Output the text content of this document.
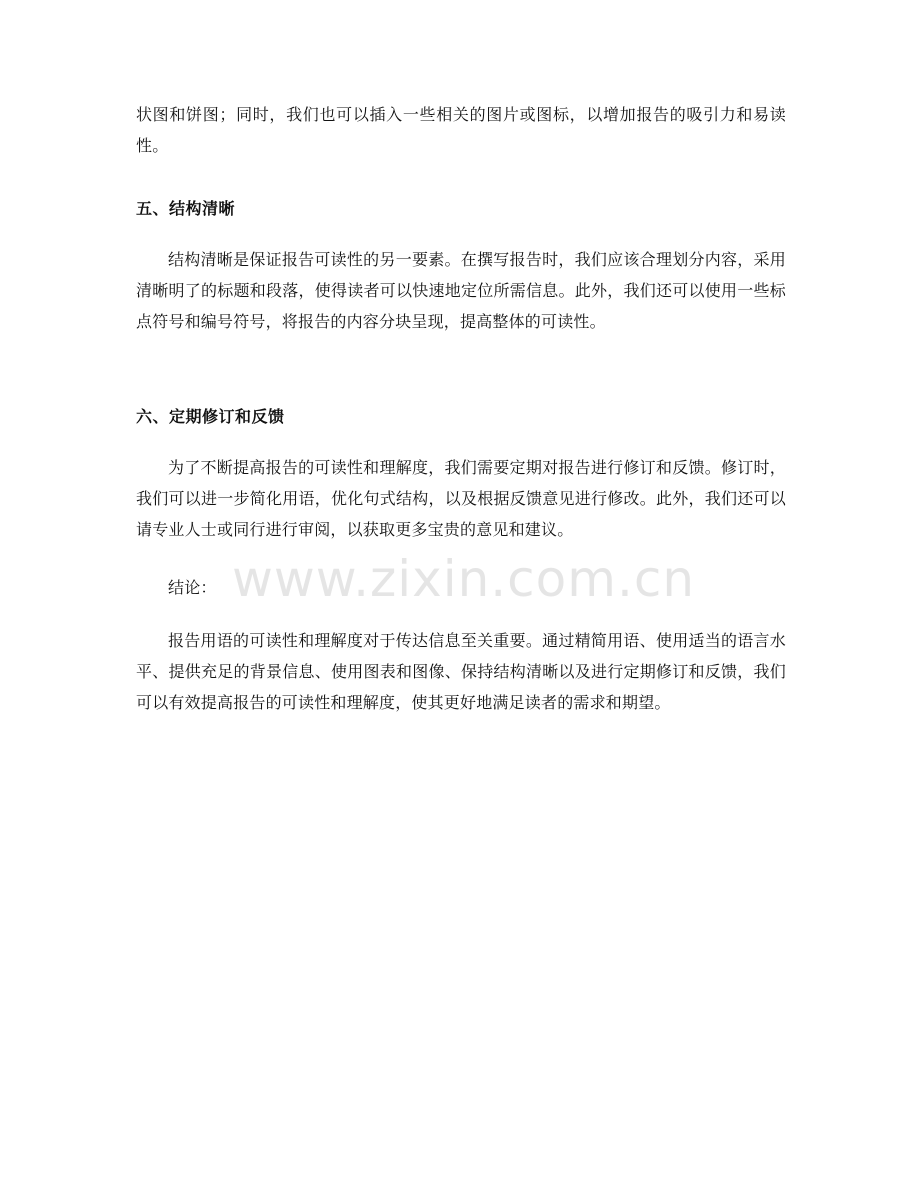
状图和饼图；同时，我们也可以插入一些相关的图片或图标，以增加报告的吸引力和易读性。

五、结构清晰

结构清晰是保证报告可读性的另一要素。在撰写报告时，我们应该合理划分内容，采用清晰明了的标题和段落，使得读者可以快速地定位所需信息。此外，我们还可以使用一些标点符号和编号符号，将报告的内容分块呈现，提高整体的可读性。

六、定期修订和反馈

为了不断提高报告的可读性和理解度，我们需要定期对报告进行修订和反馈。修订时，我们可以进一步简化用语，优化句式结构，以及根据反馈意见进行修改。此外，我们还可以请专业人士或同行进行审阅，以获取更多宝贵的意见和建议。

结论：

报告用语的可读性和理解度对于传达信息至关重要。通过精简用语、使用适当的语言水平、提供充足的背景信息、使用图表和图像、保持结构清晰以及进行定期修订和反馈，我们可以有效提高报告的可读性和理解度，使其更好地满足读者的需求和期望。

www.zixin.com.cn
